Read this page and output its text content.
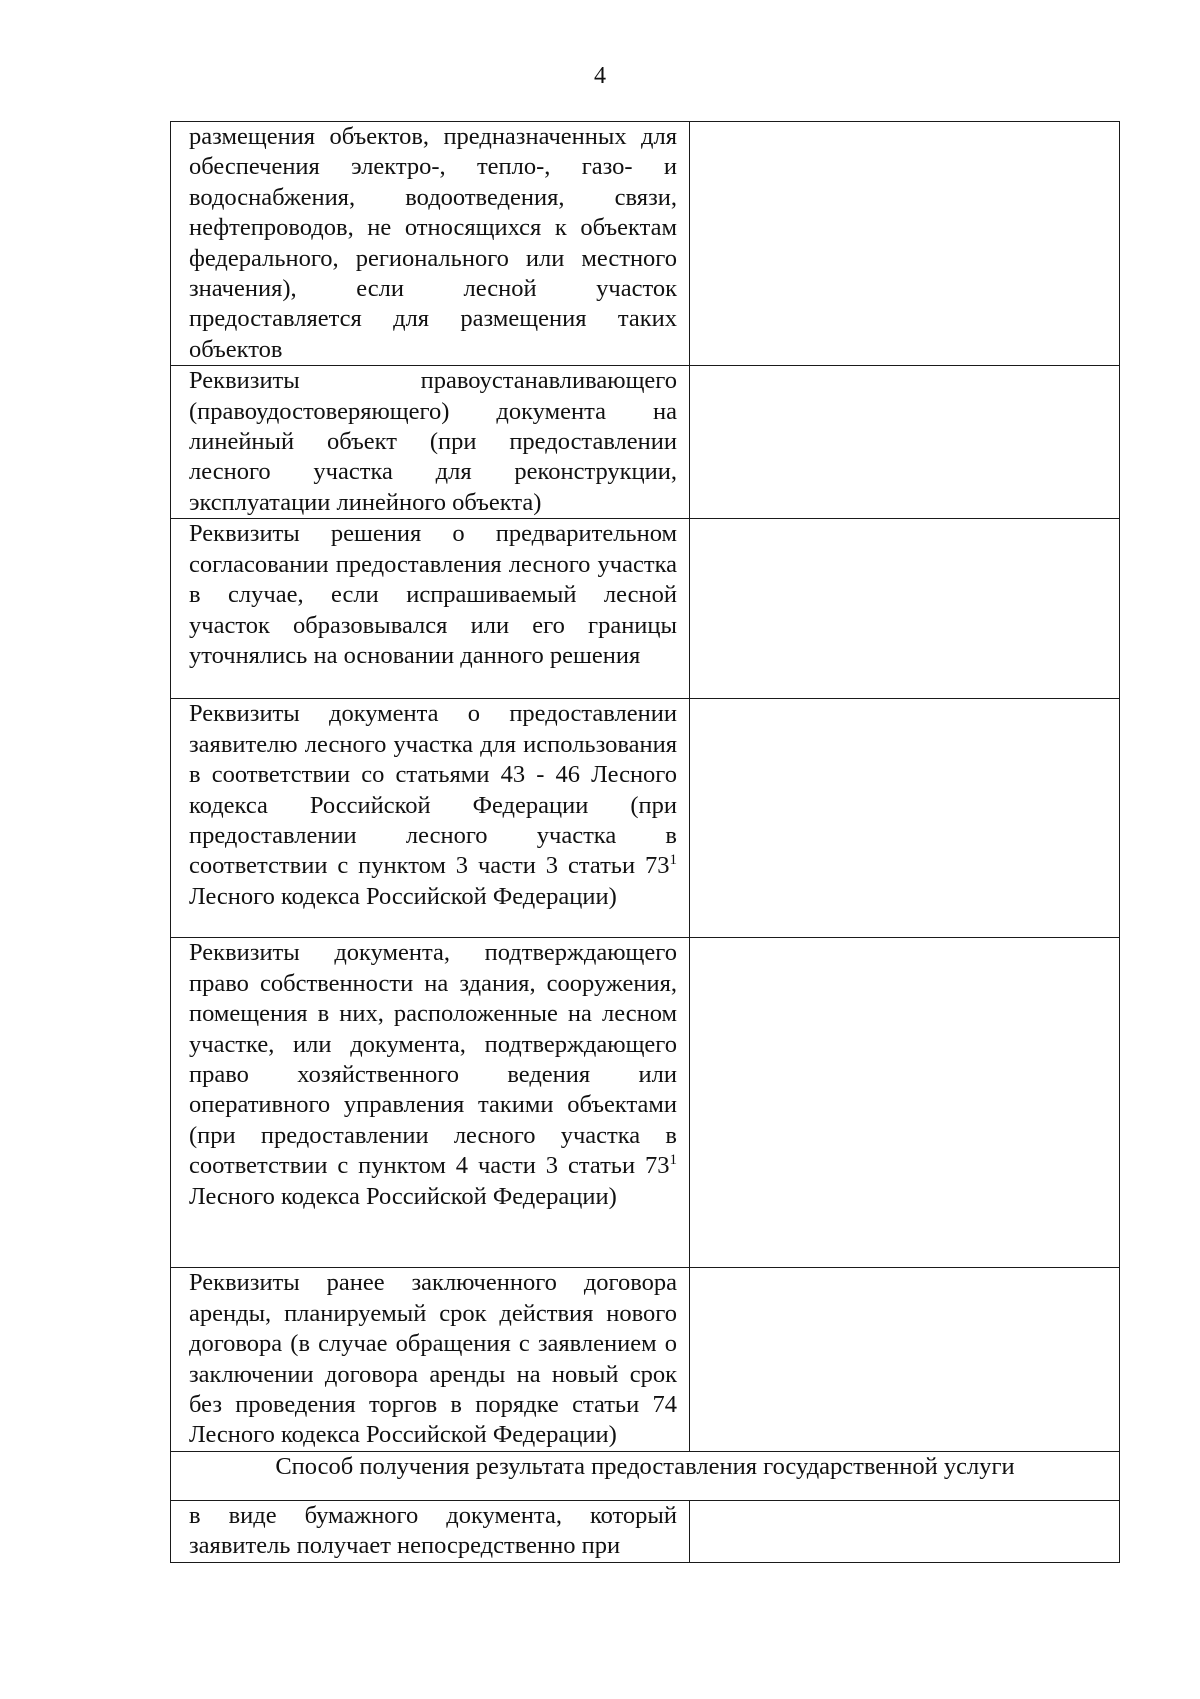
4
размещения объектов, предназначенных для обеспечения электро-, тепло-, газо- и водоснабжения, водоотведения, связи, нефтепроводов, не относящихся к объектам федерального, регионального или местного значения), если лесной участок предоставляется для размещения таких объектов	

Реквизиты правоустанавливающего (правоудостоверяющего) документа на линейный объект (при предоставлении лесного участка для реконструкции, эксплуатации линейного объекта)	

Реквизиты решения о предварительном согласовании предоставления лесного участка в случае, если испрашиваемый лесной участок образовывался или его границы уточнялись на основании данного решения	

Реквизиты документа о предоставлении заявителю лесного участка для использования в соответствии со статьями 43 - 46 Лесного кодекса Российской Федерации (при предоставлении лесного участка в соответствии с пунктом 3 части 3 статьи $73^1$ Лесного кодекса Российской Федерации)	

Реквизиты документа, подтверждающего право собственности на здания, сооружения, помещения в них, расположенные на лесном участке, или документа, подтверждающего право хозяйственного ведения или оперативного управления такими объектами (при предоставлении лесного участка в соответствии с пунктом 4 части 3 статьи $73^1$ Лесного кодекса Российской Федерации)	

Реквизиты ранее заключенного договора аренды, планируемый срок действия нового договора (в случае обращения с заявлением о заключении договора аренды на новый срок без проведения торгов в порядке статьи 74 Лесного кодекса Российской Федерации)	

Способ получения результата предоставления государственной услуги	

в виде бумажного документа, который заявитель получает непосредственно при	
